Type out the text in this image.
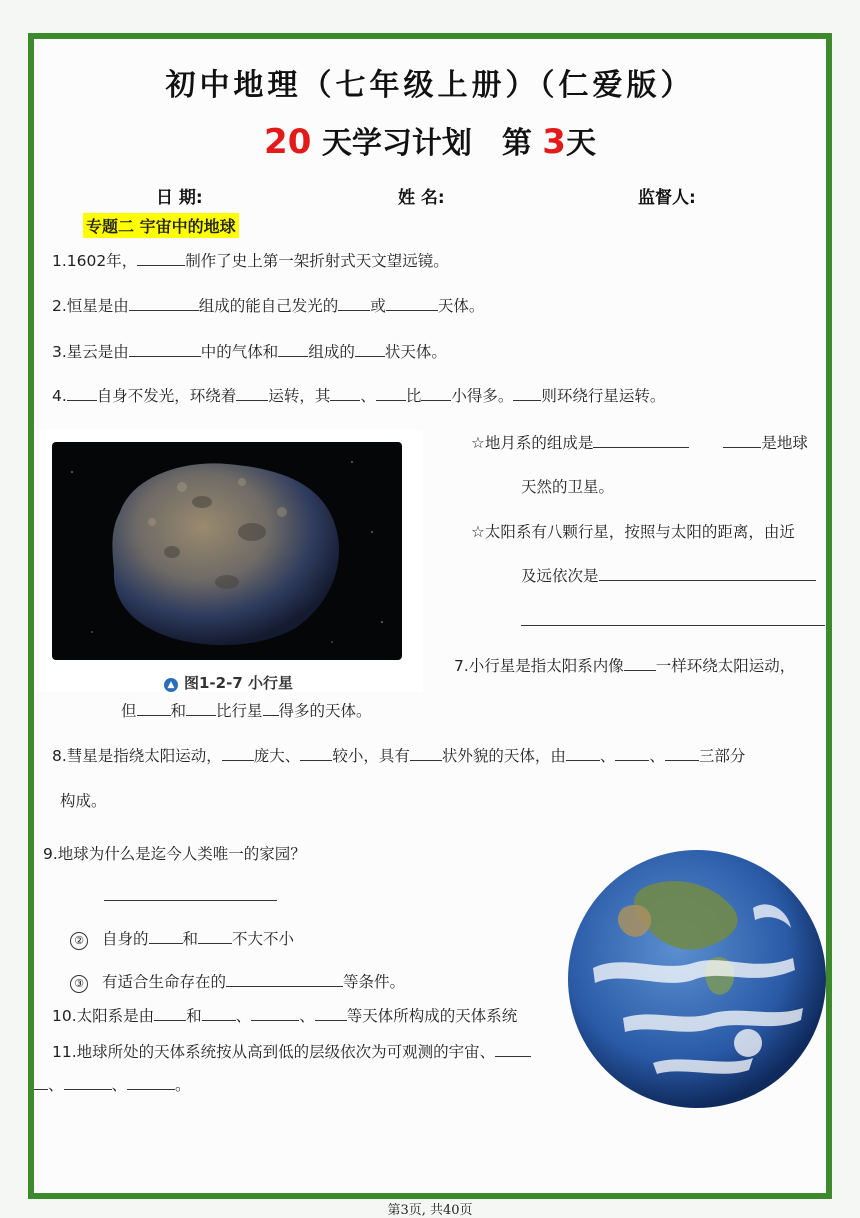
初中地理（七年级上册）（仁爱版）
20 天学习计划　第 3天
日 期:	姓 名:	监督人:
专题二 宇宙中的地球
1.1602年，	制作了史上第一架折射式天文望远镜。
2.恒星是由	组成的能自己发光的 或	天体。
3.星云是由	中的气体和 组成的 状天体。
4. 自身不发光，环绕着 运转，其 、 比 小得多。 则环绕行星运转。
▲ 图1-2-7 小行星
☆地月系的组成是	是地球
天然的卫星。
☆太阳系有八颗行星，按照与太阳的距离，由近
及远依次是
7.小行星是指太阳系内像 一样环绕太阳运动，
但 和 比行星 得多的天体。
8.彗星是指绕太阳运动， 庞大、 较小，具有 状外貌的天体，由 、 、 三部分
构成。
9.地球为什么是迄今人类唯一的家园？
② 自身的 和 不大不小
③ 有适合生命存在的	等条件。
10.太阳系是由 和 、	、 等天体所构成的天体系统
11.地球所处的天体系统按从高到低的层级依次为可观测的宇宙、
、	、	。
第3页, 共40页
